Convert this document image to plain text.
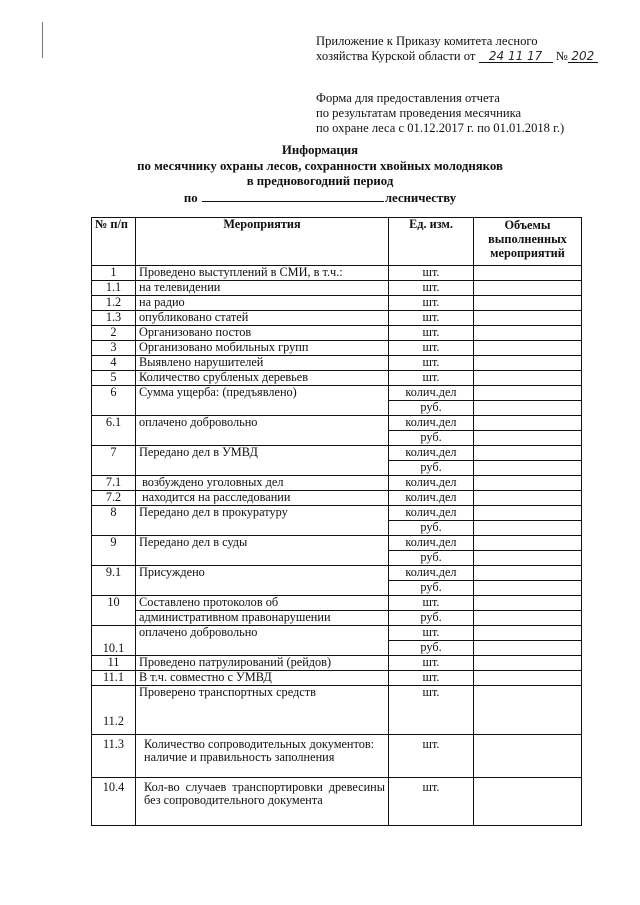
Приложение к Приказу комитета лесного
хозяйства Курской области от 24 11 17 № 202
Форма для предоставления отчета
по результатам проведения месячника
по охране леса с 01.12.2017 г. по 01.01.2018 г.)
Информация
по месячнику охраны лесов, сохранности хвойных молодняков
в предновогодний период
по	лесничеству
№ п/п	Мероприятия	Ед. изм.	Объемы выполненных мероприятий
1	Проведено выступлений в СМИ, в т.ч.:	шт.	
1.1	на телевидении	шт.	
1.2	на радио	шт.	
1.3	опубликовано статей	шт.	
2	Организовано постов	шт.	
3	Организовано мобильных групп	шт.	
4	Выявлено нарушителей	шт.	
5	Количество срубленых деревьев	шт.	
6	Сумма ущерба: (предъявлено)	колич.дел	
		руб.	
6.1	оплачено добровольно	колич.дел	
		руб.	
7	Передано дел в УМВД	колич.дел	
		руб.	
7.1	возбуждено уголовных дел	колич.дел	
7.2	находится на расследовании	колич.дел	
8	Передано дел в прокуратуру	колич.дел	
		руб.	
9	Передано дел в суды	колич.дел	
		руб.	
9.1	Присуждено	колич.дел	
		руб.	
10	Составлено протоколов об	шт.	
	административном правонарушении	руб.	
10.1	оплачено добровольно	шт.	
		руб.	
11	Проведено патрулирований (рейдов)	шт.	
11.1	В т.ч. совместно с УМВД	шт.	
11.2	Проверено транспортных средств	шт.	
11.3	Количество сопроводительных документов:
наличие и правильность заполнения	шт.	
10.4	Кол-во случаев транспортировки древесины без сопроводительного документа	шт.	
